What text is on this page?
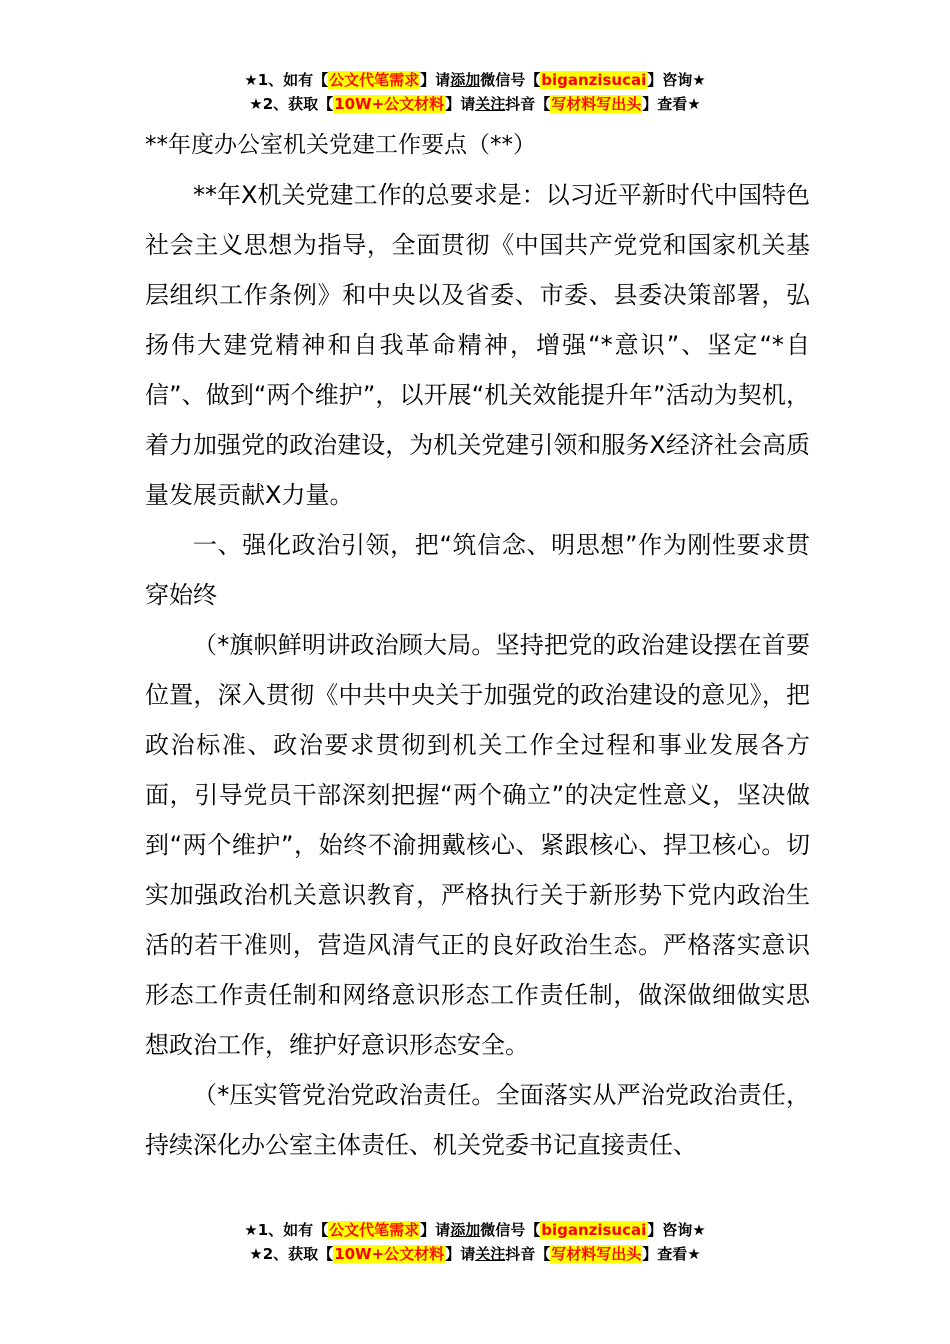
★1、如有【公文代笔需求】请添加微信号【biganzisucai】咨询★
★2、获取【10W+公文材料】请关注抖音【写材料写出头】查看★
**年度办公室机关党建工作要点（**）

**年X机关党建工作的总要求是：以习近平新时代中国特色社会主义思想为指导，全面贯彻《中国共产党党和国家机关基层组织工作条例》和中央以及省委、市委、县委决策部署，弘扬伟大建党精神和自我革命精神，增强“*意识”、坚定“*自信”、做到“两个维护”，以开展“机关效能提升年”活动为契机，着力加强党的政治建设，为机关党建引领和服务X经济社会高质量发展贡献X力量。

一、强化政治引领，把“筑信念、明思想”作为刚性要求贯穿始终

（*旗帜鲜明讲政治顾大局。坚持把党的政治建设摆在首要位置，深入贯彻《中共中央关于加强党的政治建设的意见》，把政治标准、政治要求贯彻到机关工作全过程和事业发展各方面，引导党员干部深刻把握“两个确立”的决定性意义，坚决做到“两个维护”，始终不渝拥戴核心、紧跟核心、捍卫核心。切实加强政治机关意识教育，严格执行关于新形势下党内政治生活的若干准则，营造风清气正的良好政治生态。严格落实意识形态工作责任制和网络意识形态工作责任制，做深做细做实思想政治工作，维护好意识形态安全。

（*压实管党治党政治责任。全面落实从严治党政治责任，持续深化办公室主体责任、机关党委书记直接责任、

★1、如有【公文代笔需求】请添加微信号【biganzisucai】咨询★
★2、获取【10W+公文材料】请关注抖音【写材料写出头】查看★
